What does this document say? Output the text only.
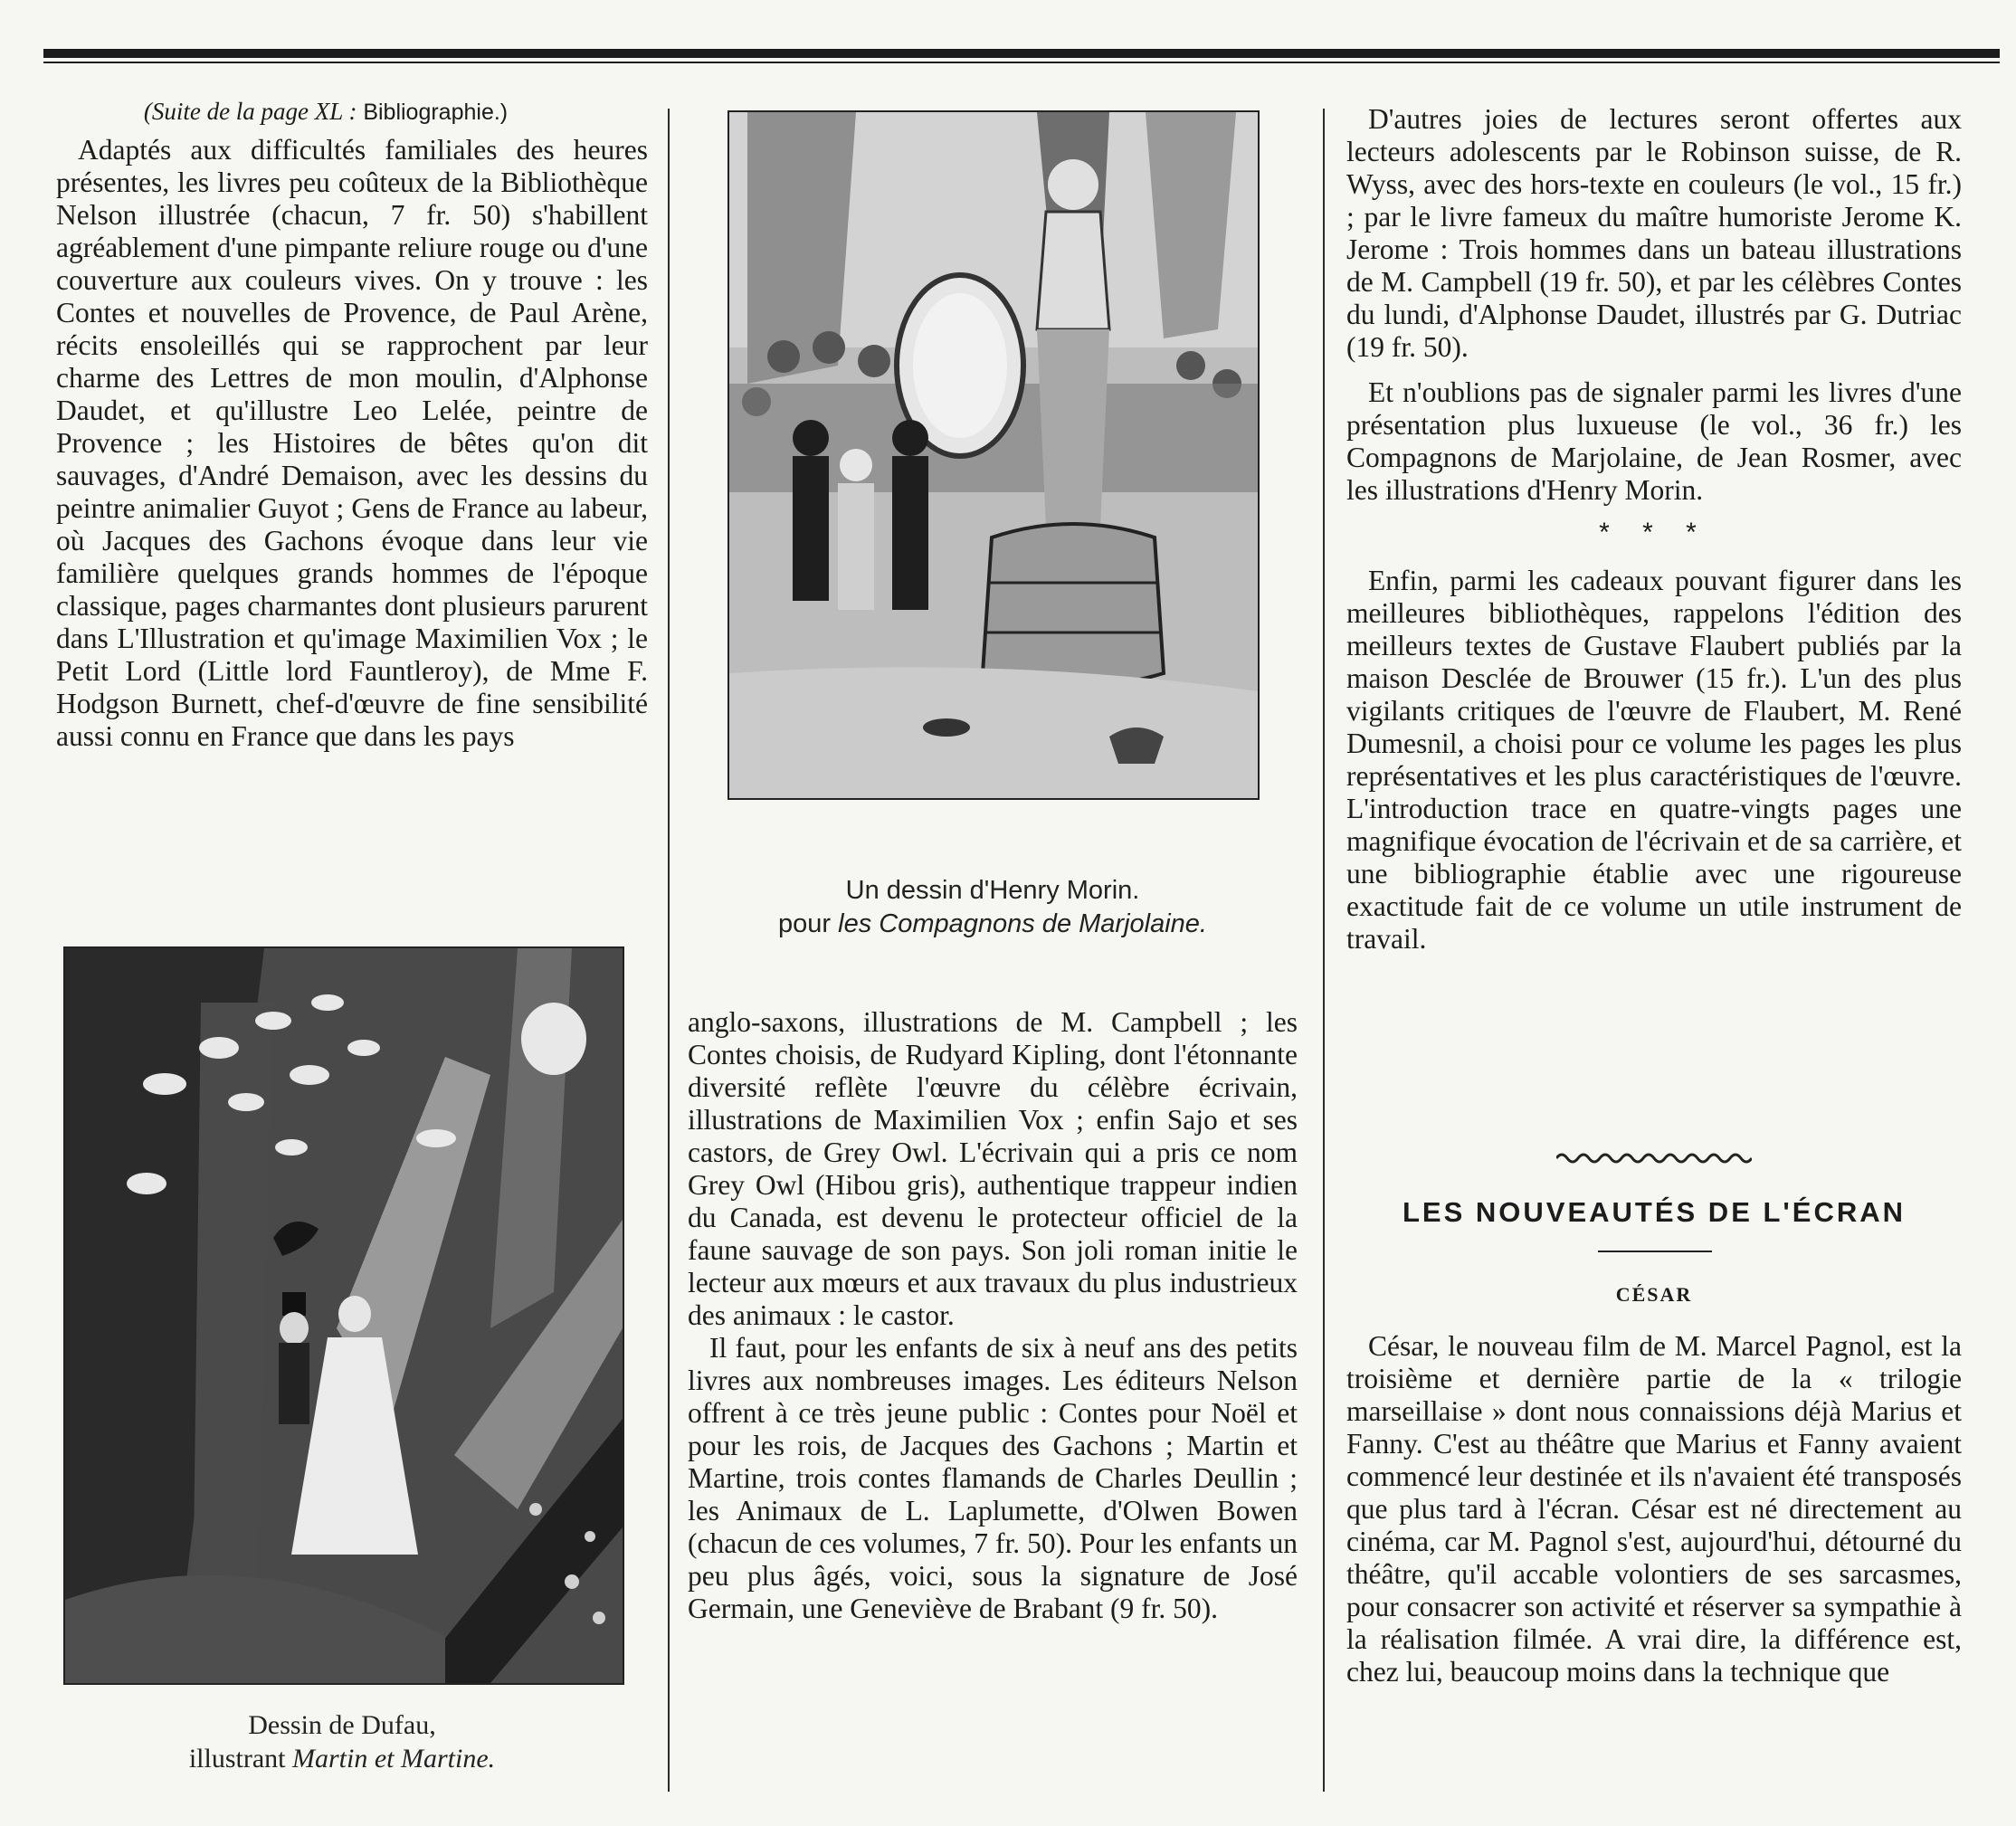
(Suite de la page XL : Bibliographie.)

Adaptés aux difficultés familiales des heures présentes, les livres peu coûteux de la Bibliothèque Nelson illustrée (chacun, 7 fr. 50) s'habillent agréablement d'une pimpante reliure rouge ou d'une couverture aux couleurs vives. On y trouve : les Contes et nouvelles de Provence, de Paul Arène, récits ensoleillés qui se rapprochent par leur charme des Lettres de mon moulin, d'Alphonse Daudet, et qu'illustre Leo Lelée, peintre de Provence ; les Histoires de bêtes qu'on dit sauvages, d'André Demaison, avec les dessins du peintre animalier Guyot ; Gens de France au labeur, où Jacques des Gachons évoque dans leur vie familière quelques grands hommes de l'époque classique, pages charmantes dont plusieurs parurent dans L'Illustration et qu'image Maximilien Vox ; le Petit Lord (Little lord Fauntleroy), de Mme F. Hodgson Burnett, chef-d'œuvre de fine sensibilité aussi connu en France que dans les pays

Dessin de Dufau,
illustrant Martin et Martine.
Un dessin d'Henry Morin.
pour les Compagnons de Marjolaine.

anglo-saxons, illustrations de M. Campbell ; les Contes choisis, de Rudyard Kipling, dont l'étonnante diversité reflète l'œuvre du célèbre écrivain, illustrations de Maximilien Vox ; enfin Sajo et ses castors, de Grey Owl. L'écrivain qui a pris ce nom Grey Owl (Hibou gris), authentique trappeur indien du Canada, est devenu le protecteur officiel de la faune sauvage de son pays. Son joli roman initie le lecteur aux mœurs et aux travaux du plus industrieux des animaux : le castor.

Il faut, pour les enfants de six à neuf ans des petits livres aux nombreuses images. Les éditeurs Nelson offrent à ce très jeune public : Contes pour Noël et pour les rois, de Jacques des Gachons ; Martin et Martine, trois contes flamands de Charles Deullin ; les Animaux de L. Laplumette, d'Olwen Bowen (chacun de ces volumes, 7 fr. 50). Pour les enfants un peu plus âgés, voici, sous la signature de José Germain, une Geneviève de Brabant (9 fr. 50).

D'autres joies de lectures seront offertes aux lecteurs adolescents par le Robinson suisse, de R. Wyss, avec des hors-texte en couleurs (le vol., 15 fr.) ; par le livre fameux du maître humoriste Jerome K. Jerome : Trois hommes dans un bateau illustrations de M. Campbell (19 fr. 50), et par les célèbres Contes du lundi, d'Alphonse Daudet, illustrés par G. Dutriac (19 fr. 50).

Et n'oublions pas de signaler parmi les livres d'une présentation plus luxueuse (le vol., 36 fr.) les Compagnons de Marjolaine, de Jean Rosmer, avec les illustrations d'Henry Morin.

* * *

Enfin, parmi les cadeaux pouvant figurer dans les meilleures bibliothèques, rappelons l'édition des meilleurs textes de Gustave Flaubert publiés par la maison Desclée de Brouwer (15 fr.). L'un des plus vigilants critiques de l'œuvre de Flaubert, M. René Dumesnil, a choisi pour ce volume les pages les plus représentatives et les plus caractéristiques de l'œuvre. L'introduction trace en quatre-vingts pages une magnifique évocation de l'écrivain et de sa carrière, et une bibliographie établie avec une rigoureuse exactitude fait de ce volume un utile instrument de travail.

LES NOUVEAUTÉS DE L'ÉCRAN
CÉSAR

César, le nouveau film de M. Marcel Pagnol, est la troisième et dernière partie de la « trilogie marseillaise » dont nous connaissions déjà Marius et Fanny. C'est au théâtre que Marius et Fanny avaient commencé leur destinée et ils n'avaient été transposés que plus tard à l'écran. César est né directement au cinéma, car M. Pagnol s'est, aujourd'hui, détourné du théâtre, qu'il accable volontiers de ses sarcasmes, pour consacrer son activité et réserver sa sympathie à la réalisation filmée. A vrai dire, la différence est, chez lui, beaucoup moins dans la technique que
